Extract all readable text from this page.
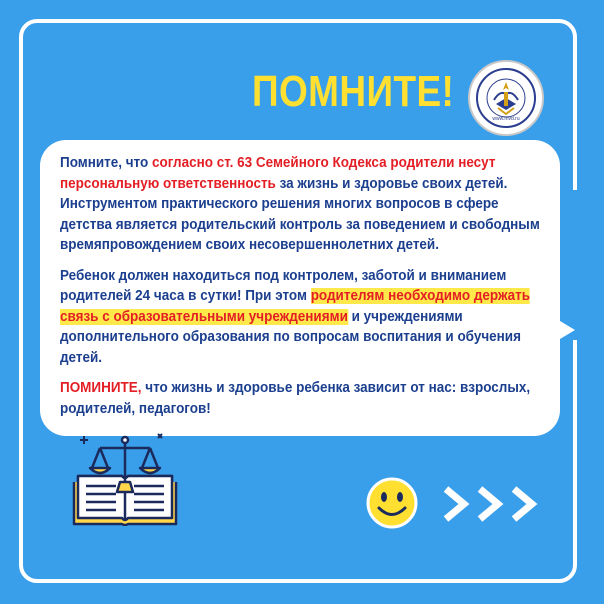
ПОМНИТЕ!
www.mvd.ru

Помните, что согласно ст. 63 Семейного Кодекса родители несут персональную ответственность за жизнь и здоровье своих детей. Инструментом практического решения многих вопросов в сфере детства является родительский контроль за поведением и свободным времяпровождением своих несовершеннолетних детей.

Ребенок должен находиться под контролем, заботой и вниманием родителей 24 часа в сутки! При этом родителям необходимо держать связь с образовательными учреждениями и учреждениями дополнительного образования по вопросам воспитания и обучения детей.

ПОМИНИТЕ, что жизнь и здоровье ребенка зависит от нас: взрослых, родителей, педагогов!
